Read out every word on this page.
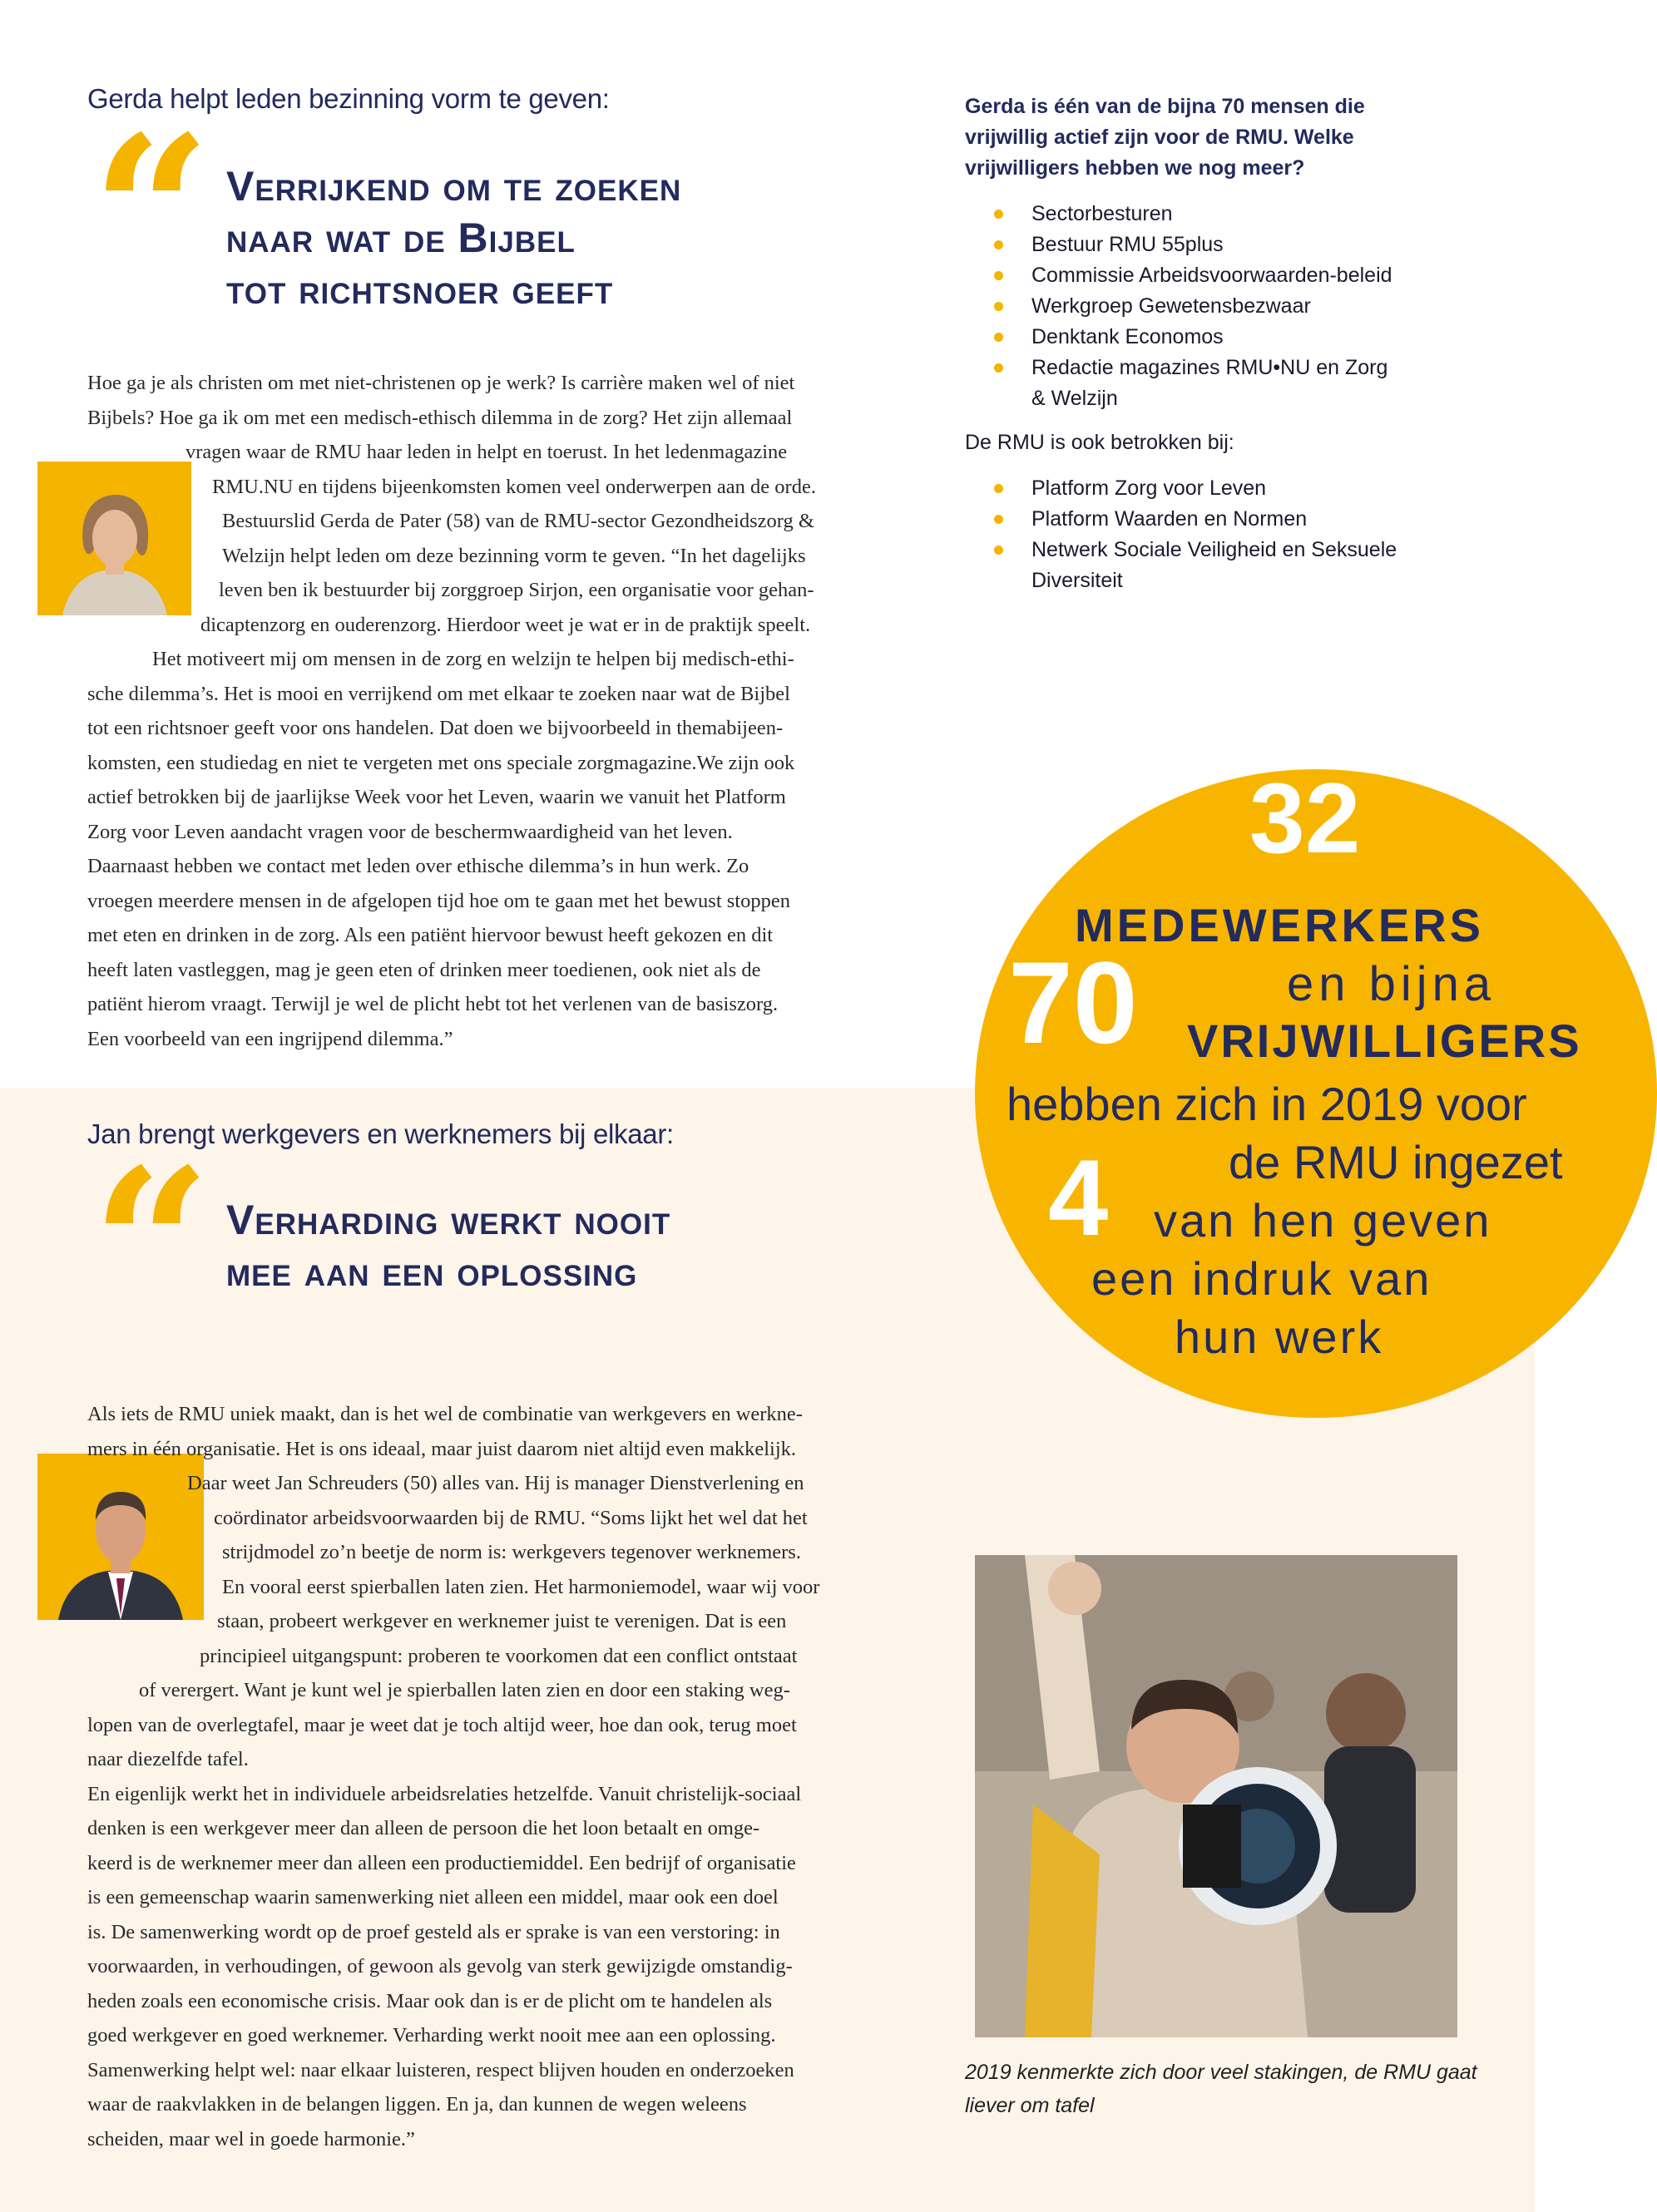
Gerda helpt leden bezinning vorm te geven:
“ Verrijkend om te zoeken
naar wat de Bijbel
tot richtsnoer geeft
Hoe ga je als christen om met niet-christenen op je werk? Is carrière maken wel of niet
Bijbels? Hoe ga ik om met een medisch-ethisch dilemma in de zorg? Het zijn allemaal
vragen waar de RMU haar leden in helpt en toerust. In het ledenmagazine
RMU.NU en tijdens bijeenkomsten komen veel onderwerpen aan de orde.
Bestuurslid Gerda de Pater (58) van de RMU-sector Gezondheidszorg &
Welzijn helpt leden om deze bezinning vorm te geven. “In het dagelijks
leven ben ik bestuurder bij zorggroep Sirjon, een organisatie voor gehan-
dicaptenzorg en ouderenzorg. Hierdoor weet je wat er in de praktijk speelt.
Het motiveert mij om mensen in de zorg en welzijn te helpen bij medisch-ethi-
sche dilemma’s. Het is mooi en verrijkend om met elkaar te zoeken naar wat de Bijbel
tot een richtsnoer geeft voor ons handelen. Dat doen we bijvoorbeeld in themabijeen-
komsten, een studiedag en niet te vergeten met ons speciale zorgmagazine.We zijn ook
actief betrokken bij de jaarlijkse Week voor het Leven, waarin we vanuit het Platform
Zorg voor Leven aandacht vragen voor de beschermwaardigheid van het leven.
Daarnaast hebben we contact met leden over ethische dilemma’s in hun werk. Zo
vroegen meerdere mensen in de afgelopen tijd hoe om te gaan met het bewust stoppen
met eten en drinken in de zorg. Als een patiënt hiervoor bewust heeft gekozen en dit
heeft laten vastleggen, mag je geen eten of drinken meer toedienen, ook niet als de
patiënt hierom vraagt. Terwijl je wel de plicht hebt tot het verlenen van de basiszorg.
Een voorbeeld van een ingrijpend dilemma.”
Jan brengt werkgevers en werknemers bij elkaar:
“ Verharding werkt nooit
mee aan een oplossing
Als iets de RMU uniek maakt, dan is het wel de combinatie van werkgevers en werkne-
mers in één organisatie. Het is ons ideaal, maar juist daarom niet altijd even makkelijk.
Daar weet Jan Schreuders (50) alles van. Hij is manager Dienstverlening en
coördinator arbeidsvoorwaarden bij de RMU. “Soms lijkt het wel dat het
strijdmodel zo’n beetje de norm is: werkgevers tegenover werknemers.
En vooral eerst spierballen laten zien. Het harmoniemodel, waar wij voor
staan, probeert werkgever en werknemer juist te verenigen. Dat is een
principieel uitgangspunt: proberen te voorkomen dat een conflict ontstaat
of verergert. Want je kunt wel je spierballen laten zien en door een staking weg-
lopen van de overlegtafel, maar je weet dat je toch altijd weer, hoe dan ook, terug moet
naar diezelfde tafel.
En eigenlijk werkt het in individuele arbeidsrelaties hetzelfde. Vanuit christelijk-sociaal
denken is een werkgever meer dan alleen de persoon die het loon betaalt en omge-
keerd is de werknemer meer dan alleen een productiemiddel. Een bedrijf of organisatie
is een gemeenschap waarin samenwerking niet alleen een middel, maar ook een doel
is. De samenwerking wordt op de proef gesteld als er sprake is van een verstoring: in
voorwaarden, in verhoudingen, of gewoon als gevolg van sterk gewijzigde omstandig-
heden zoals een economische crisis. Maar ook dan is er de plicht om te handelen als
goed werkgever en goed werknemer. Verharding werkt nooit mee aan een oplossing.
Samenwerking helpt wel: naar elkaar luisteren, respect blijven houden en onderzoeken
waar de raakvlakken in de belangen liggen. En ja, dan kunnen de wegen weleens
scheiden, maar wel in goede harmonie.”
Gerda is één van de bijna 70 mensen die vrijwillig actief zijn voor de RMU. Welke vrijwilligers hebben we nog meer?
Sectorbesturen
Bestuur RMU 55plus
Commissie Arbeidsvoorwaarden-beleid
Werkgroep Gewetensbezwaar
Denktank Economos
Redactie magazines RMU•NU en Zorg & Welzijn
De RMU is ook betrokken bij:
Platform Zorg voor Leven
Platform Waarden en Normen
Netwerk Sociale Veiligheid en Seksuele Diversiteit
32
MEDEWERKERS
70	en bijna
VRIJWILLIGERS
hebben zich in 2019 voor
de RMU ingezet
4 van hen geven
een indruk van
hun werk
2019 kenmerkte zich door veel stakingen, de RMU gaat liever om tafel
